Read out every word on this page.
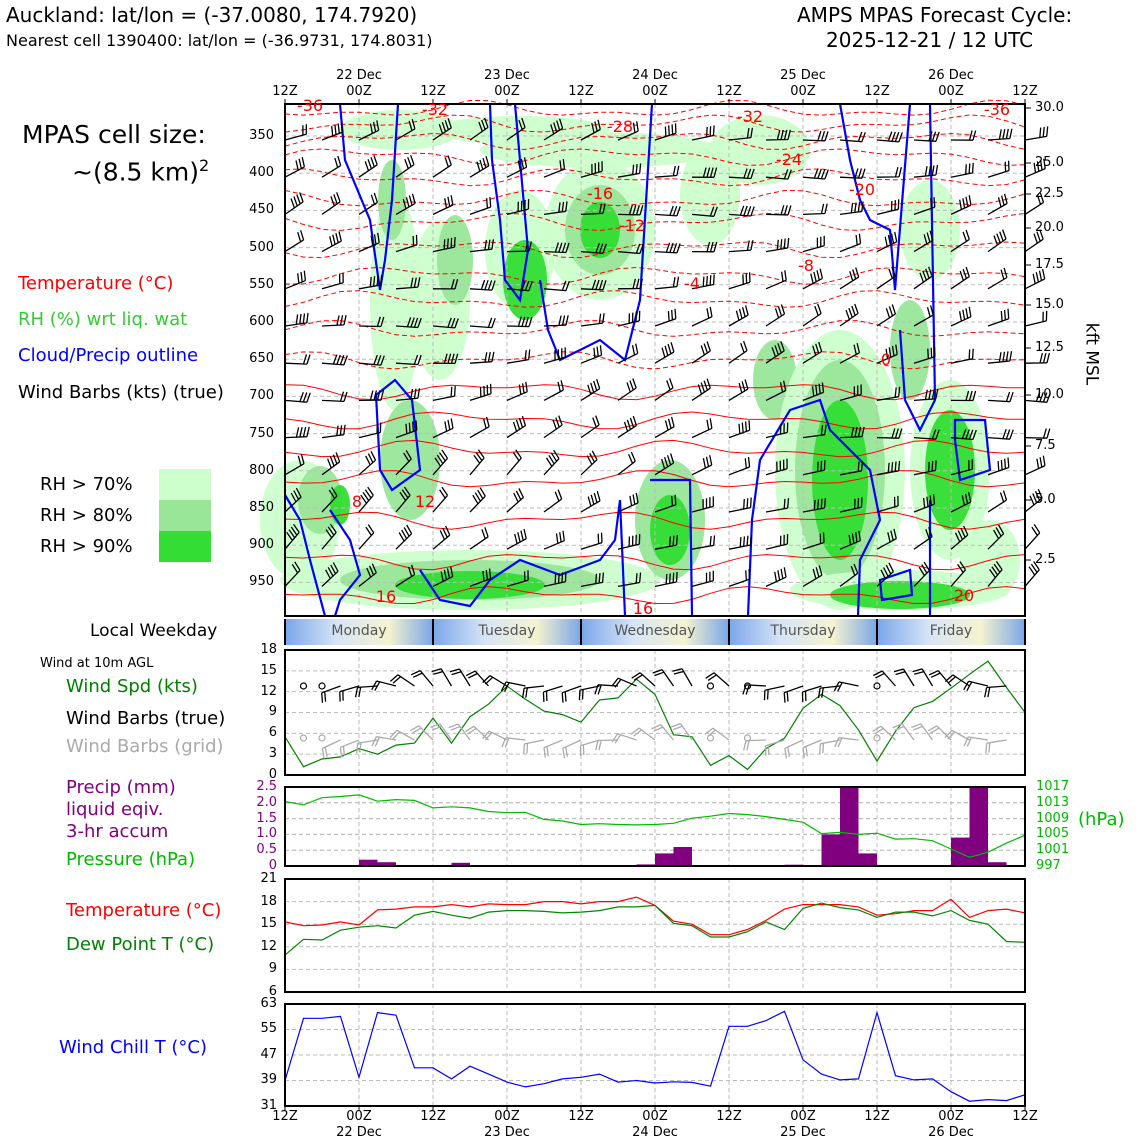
Auckland: lat/lon = (-37.0080, 174.7920)
Nearest cell 1390400: lat/lon = (-36.9731, 174.8031)
AMPS MPAS Forecast Cycle:
2025-12-21 / 12 UTC
MPAS cell size:
~(8.5 km)$^2$
Temperature (°C)
RH (%) wrt liq. wat
Cloud/Precip outline
Wind Barbs (kts) (true)
RH > 70%
RH > 80%
RH > 90%
Local Weekday
Wind at 10m AGL
Wind Spd (kts)
Wind Barbs (true)
Wind Barbs (grid)
Precip (mm)
liquid eqiv.
3-hr accum
Pressure (hPa)
Temperature (°C)
Dew Point T (°C)
Wind Chill T (°C)
kft MSL
(hPa)
350
400
450
500
550
600
650
700
750
800
850
900
950
30.0
25.0
22.5
20.0
17.5
15.0
12.5
10.0
7.5
5.0
2.5
-36	-32
-28
-32
-24
-20
-36
-16
-12
-4
-8
0
8	12
16
20
16
12Z	00Z	12Z	00Z	12Z	00Z	12Z	00Z	12Z	00Z	12Z
22 Dec	23 Dec	24 Dec	25 Dec	26 Dec
Monday	Tuesday	Wednesday	Thursday	Friday
18
15
12
9
6
3
0
2.5
2.0
1.5
1.0
0.5
0
1017
1013
1009
1005
1001
997
21
18
15
12
9
6
63
55
47
39
31
12Z	00Z	12Z	00Z	12Z	00Z	12Z	00Z	12Z	00Z	12Z
22 Dec	23 Dec	24 Dec	25 Dec	26 Dec
